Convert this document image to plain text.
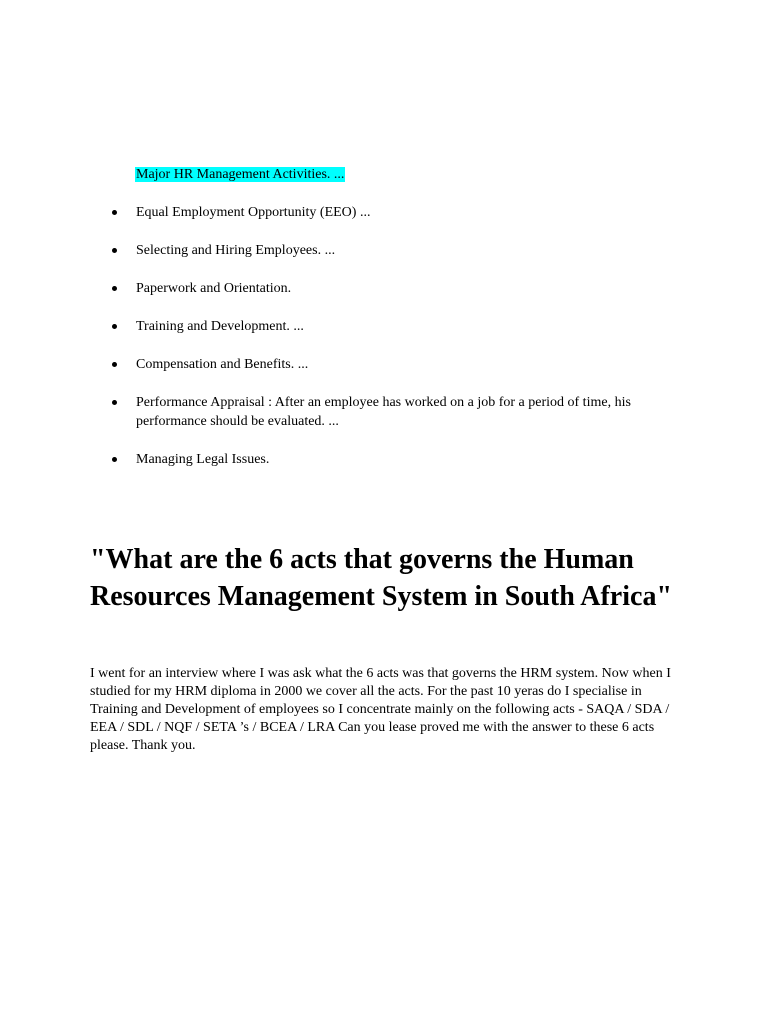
Major HR Management Activities. ...

Equal Employment Opportunity (EEO) ...
Selecting and Hiring Employees. ...
Paperwork and Orientation.
Training and Development. ...
Compensation and Benefits. ...
Performance Appraisal : After an employee has worked on a job for a period of time, his performance should be evaluated. ...
Managing Legal Issues.
"What are the 6 acts that governs the Human Resources Management System in South Africa"

I went for an interview where I was ask what the 6 acts was that governs the HRM system. Now when I studied for my HRM diploma in 2000 we cover all the acts. For the past 10 yeras do I specialise in Training and Development of employees so I concentrate mainly on the following acts - SAQA / SDA / EEA / SDL / NQF / SETA ’s / BCEA / LRA Can you lease proved me with the answer to these 6 acts please. Thank you.
